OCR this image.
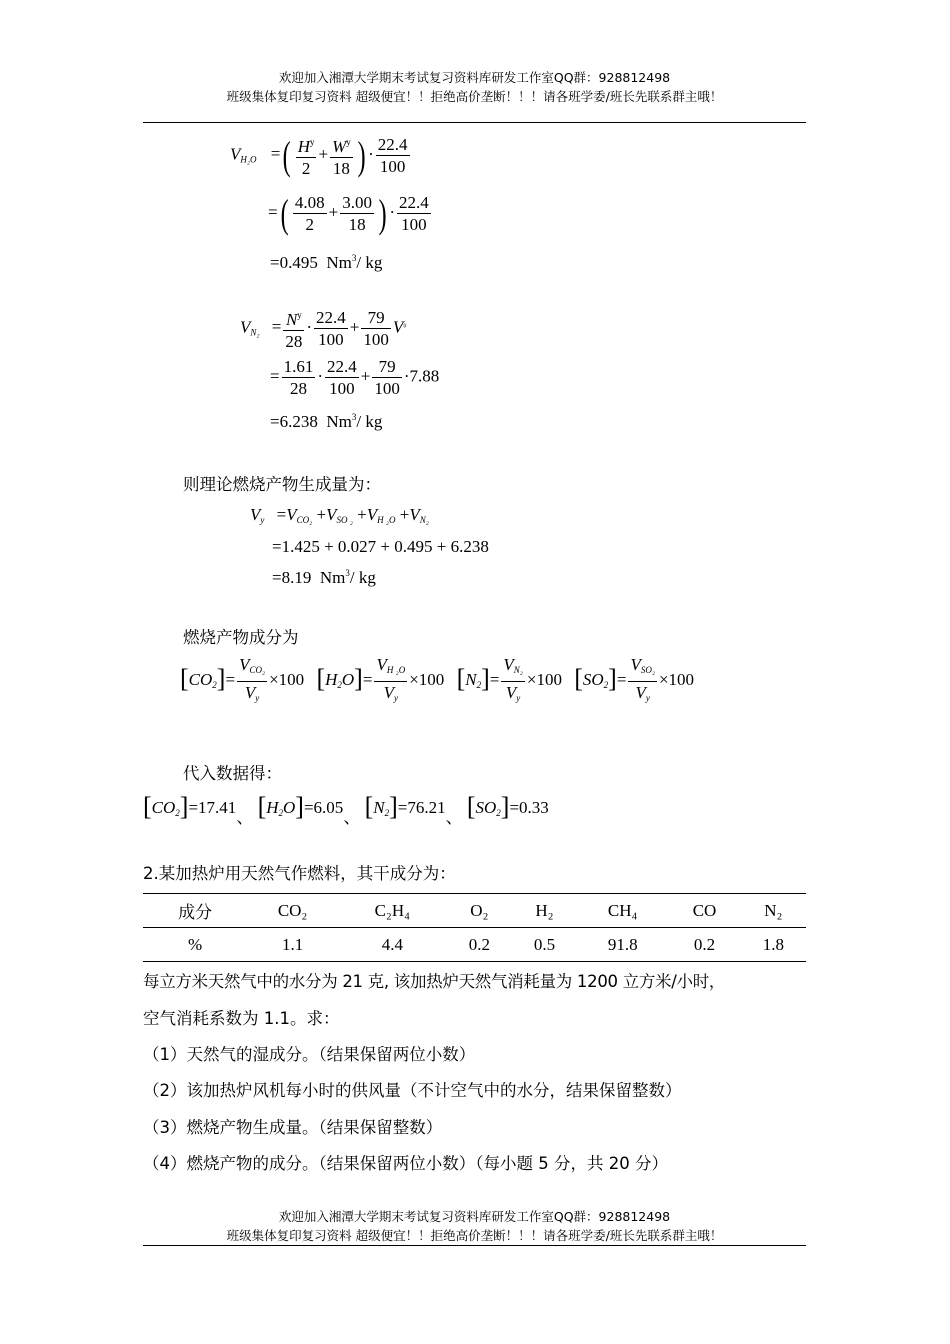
欢迎加入湘潭大学期末考试复习资料库研发工作室QQ群：928812498
班级集体复印复习资料 超级便宜！！拒绝高价垄断！！！请各班学委/班长先联系群主哦！
$V_{H_2O}$ =( $\frac{H^y}{2} + \frac{W^y}{18}$ ) · $\frac{22.4}{100}$
=( $\frac{4.08}{2} + \frac{3.00}{18}$ ) · $\frac{22.4}{100}$
=0.495 Nm$^3$/ kg
$V_{N_2} = \frac{N^y}{28} \cdot \frac{22.4}{100} + \frac{79}{100} V^{_0}$
= $\frac{1.61}{28} \cdot \frac{22.4}{100} + \frac{79}{100} \cdot 7.88$
=6.238 Nm$^3$/ kg
则理论燃烧产物生成量为：
$V_y =V_{CO_2} +V_{SO _2} +V_{H _2O} +V_{N_2}$
=1.425 + 0.027 + 0.495 + 6.238
=8.19 Nm$^3$/ kg
燃烧产物成分为
$[CO_2]= \frac{V_{CO_2}}{V_y} \times 100$ $[H_2O]= \frac{V_{H _2O}}{V_y} \times 100$ $[N_2]= \frac{V_{N_2}}{V_y} \times 100$ $[SO_2]= \frac{V_{SO_2}}{V_y} \times 100$
代入数据得：
$[CO_2]=17.41$、 $[H_2O]=6.05$、 $[N_2]=76.21$、 $[SO_2]=0.33$
2.某加热炉用天然气作燃料，其干成分为：
成分	CO₂	C₂H₄	O₂	H₂	CH₄	CO	N₂
%	1.1	4.4	0.2	0.5	91.8	0.2	1.8
每立方米天然气中的水分为 21 克, 该加热炉天然气消耗量为 1200 立方米/小时，
空气消耗系数为 1.1。求：
（1）天然气的湿成分。（结果保留两位小数）
（2）该加热炉风机每小时的供风量（不计空气中的水分，结果保留整数）
（3）燃烧产物生成量。（结果保留整数）
（4）燃烧产物的成分。（结果保留两位小数）（每小题 5 分，共 20 分）
欢迎加入湘潭大学期末考试复习资料库研发工作室QQ群：928812498
班级集体复印复习资料 超级便宜！！拒绝高价垄断！！！请各班学委/班长先联系群主哦！
